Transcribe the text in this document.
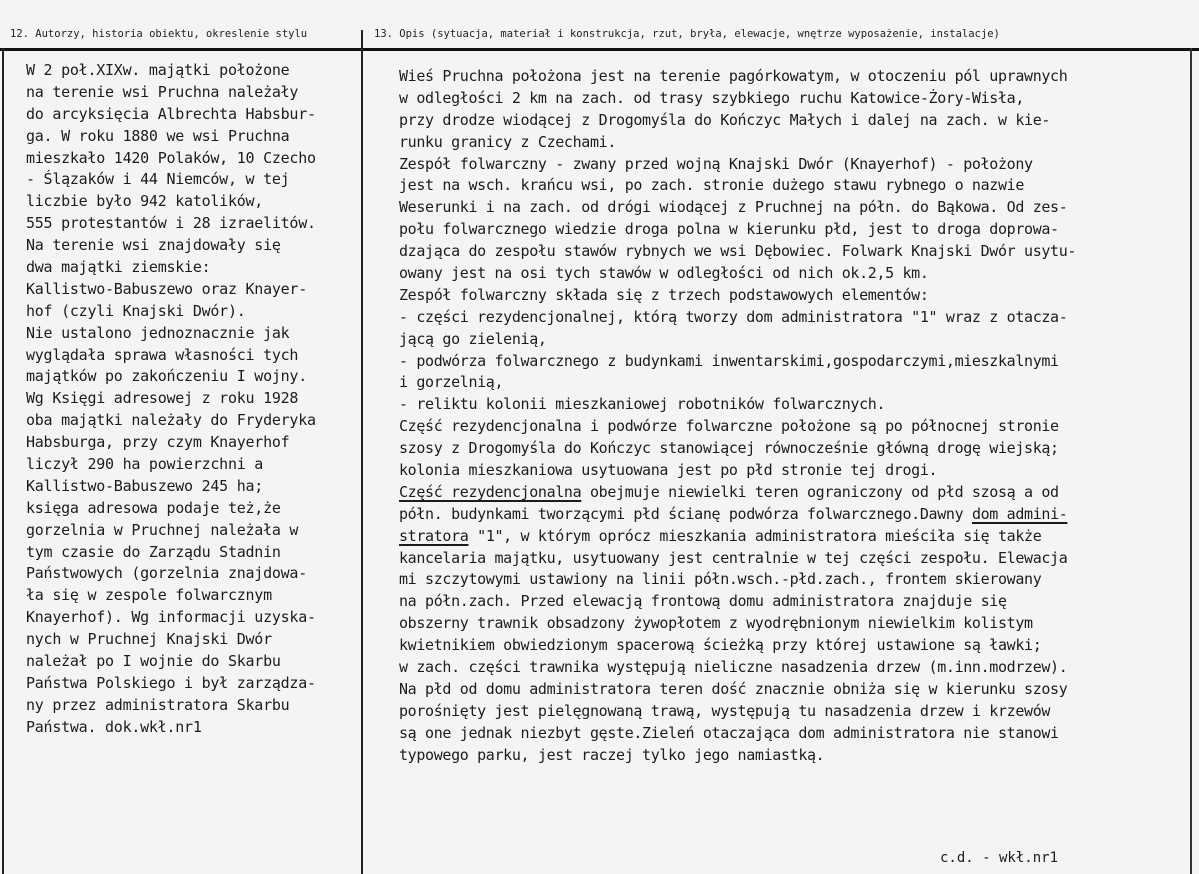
12. Autorzy, historia obiektu, okreslenie stylu	13. Opis (sytuacja, materiał i konstrukcja, rzut, bryła, elewacje, wnętrze wyposażenie, instalacje)
W 2 poł.XIXw. majątki położone
na terenie wsi Pruchna należały
do arcyksięcia Albrechta Habsbur-
ga. W roku 1880 we wsi Pruchna
mieszkało 1420 Polaków, 10 Czecho
- Ślązaków i 44 Niemców, w tej
liczbie było 942 katolików,
555 protestantów i 28 izraelitów.
Na terenie wsi znajdowały się
dwa majątki ziemskie:
Kallistwo-Babuszewo oraz Knayer-
hof (czyli Knajski Dwór).
Nie ustalono jednoznacznie jak
wyglądała sprawa własności tych
majątków po zakończeniu I wojny.
Wg Księgi adresowej z roku 1928
oba majątki należały do Fryderyka
Habsburga, przy czym Knayerhof
liczył 290 ha powierzchni a
Kallistwo-Babuszewo 245 ha;
księga adresowa podaje też,że
gorzelnia w Pruchnej należała w
tym czasie do Zarządu Stadnin
Państwowych (gorzelnia znajdowa-
ła się w zespole folwarcznym
Knayerhof). Wg informacji uzyska-
nych w Pruchnej Knajski Dwór
należał po I wojnie do Skarbu
Państwa Polskiego i był zarządza-
ny przez administratora Skarbu
Państwa. dok.wkł.nr1
Wieś Pruchna położona jest na terenie pagórkowatym, w otoczeniu pól uprawnych
w odległości 2 km na zach. od trasy szybkiego ruchu Katowice-Żory-Wisła,
przy drodze wiodącej z Drogomyśla do Kończyc Małych i dalej na zach. w kie-
runku granicy z Czechami.
Zespół folwarczny - zwany przed wojną Knajski Dwór (Knayerhof) - położony
jest na wsch. krańcu wsi, po zach. stronie dużego stawu rybnego o nazwie
Weserunki i na zach. od drógi wiodącej z Pruchnej na półn. do Bąkowa. Od zes-
połu folwarcznego wiedzie droga polna w kierunku płd, jest to droga doprowa-
dzająca do zespołu stawów rybnych we wsi Dębowiec. Folwark Knajski Dwór usytu-
owany jest na osi tych stawów w odległości od nich ok.2,5 km.
Zespół folwarczny składa się z trzech podstawowych elementów:
- części rezydencjonalnej, którą tworzy dom administratora "1" wraz z otacza-
jącą go zielenią,
- podwórza folwarcznego z budynkami inwentarskimi,gospodarczymi,mieszkalnymi
i gorzelnią,
- reliktu kolonii mieszkaniowej robotników folwarcznych.
Część rezydencjonalna i podwórze folwarczne położone są po północnej stronie
szosy z Drogomyśla do Kończyc stanowiącej równocześnie główną drogę wiejską;
kolonia mieszkaniowa usytuowana jest po płd stronie tej drogi.
Część rezydencjonalna obejmuje niewielki teren ograniczony od płd szosą a od
półn. budynkami tworzącymi płd ścianę podwórza folwarcznego.Dawny dom admini-
stratora "1", w którym oprócz mieszkania administratora mieściła się także
kancelaria majątku, usytuowany jest centralnie w tej części zespołu. Elewacja
mi szczytowymi ustawiony na linii półn.wsch.-płd.zach., frontem skierowany
na półn.zach. Przed elewacją frontową domu administratora znajduje się
obszerny trawnik obsadzony żywopłotem z wyodrębnionym niewielkim kolistym
kwietnikiem obwiedzionym spacerową ścieżką przy której ustawione są ławki;
w zach. części trawnika występują nieliczne nasadzenia drzew (m.inn.modrzew).
Na płd od domu administratora teren dość znacznie obniża się w kierunku szosy
porośnięty jest pielęgnowaną trawą, występują tu nasadzenia drzew i krzewów
są one jednak niezbyt gęste.Zieleń otaczająca dom administratora nie stanowi
typowego parku, jest raczej tylko jego namiastką.
c.d. - wkł.nr1
